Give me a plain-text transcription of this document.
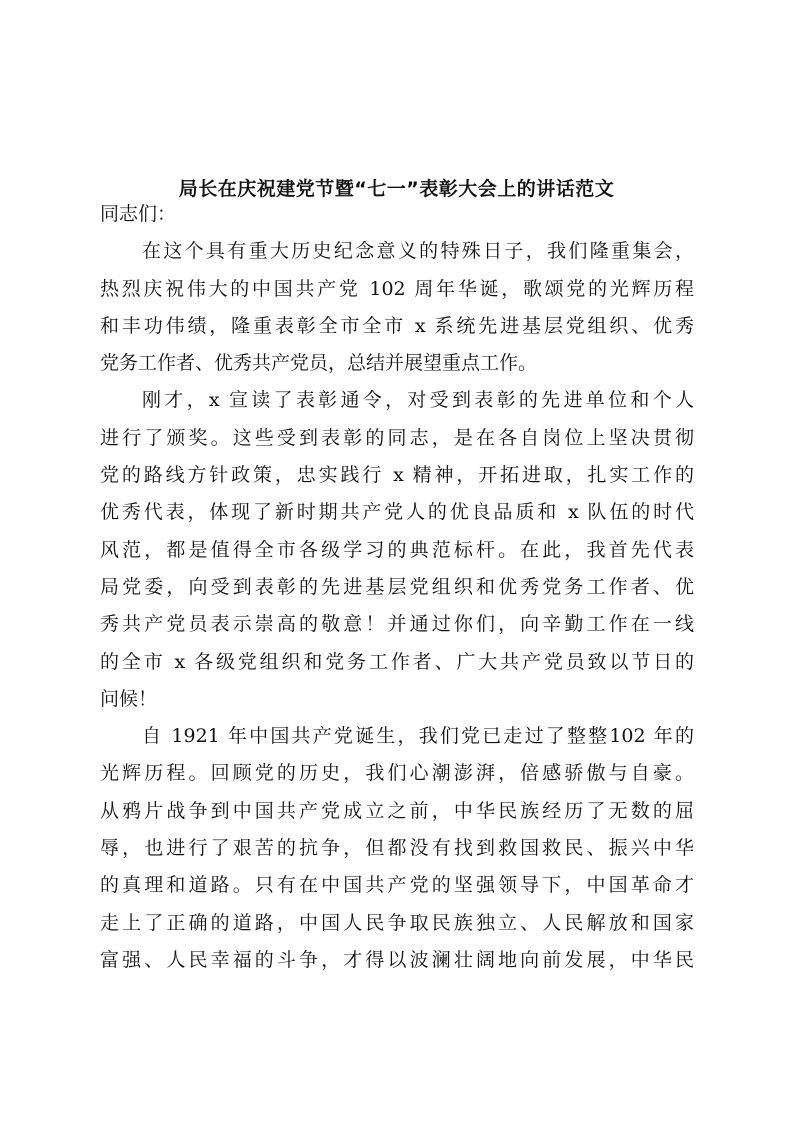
局长在庆祝建党节暨“七一”表彰大会上的讲话范文
同志们：
在这个具有重大历史纪念意义的特殊日子，我们隆重集会，
热烈庆祝伟大的中国共产党 102 周年华诞，歌颂党的光辉历程
和丰功伟绩，隆重表彰全市全市 x 系统先进基层党组织、优秀
党务工作者、优秀共产党员，总结并展望重点工作。
刚才，x 宣读了表彰通令，对受到表彰的先进单位和个人
进行了颁奖。这些受到表彰的同志，是在各自岗位上坚决贯彻
党的路线方针政策，忠实践行 x 精神，开拓进取，扎实工作的
优秀代表，体现了新时期共产党人的优良品质和 x 队伍的时代
风范，都是值得全市各级学习的典范标杆。在此，我首先代表
局党委，向受到表彰的先进基层党组织和优秀党务工作者、优
秀共产党员表示崇高的敬意！并通过你们，向辛勤工作在一线
的全市 x 各级党组织和党务工作者、广大共产党员致以节日的
问候！
自 1921 年中国共产党诞生，我们党已走过了整整102 年的
光辉历程。回顾党的历史，我们心潮澎湃，倍感骄傲与自豪。
从鸦片战争到中国共产党成立之前，中华民族经历了无数的屈
辱，也进行了艰苦的抗争，但都没有找到救国救民、振兴中华
的真理和道路。只有在中国共产党的坚强领导下，中国革命才
走上了正确的道路，中国人民争取民族独立、人民解放和国家
富强、人民幸福的斗争，才得以波澜壮阔地向前发展，中华民
